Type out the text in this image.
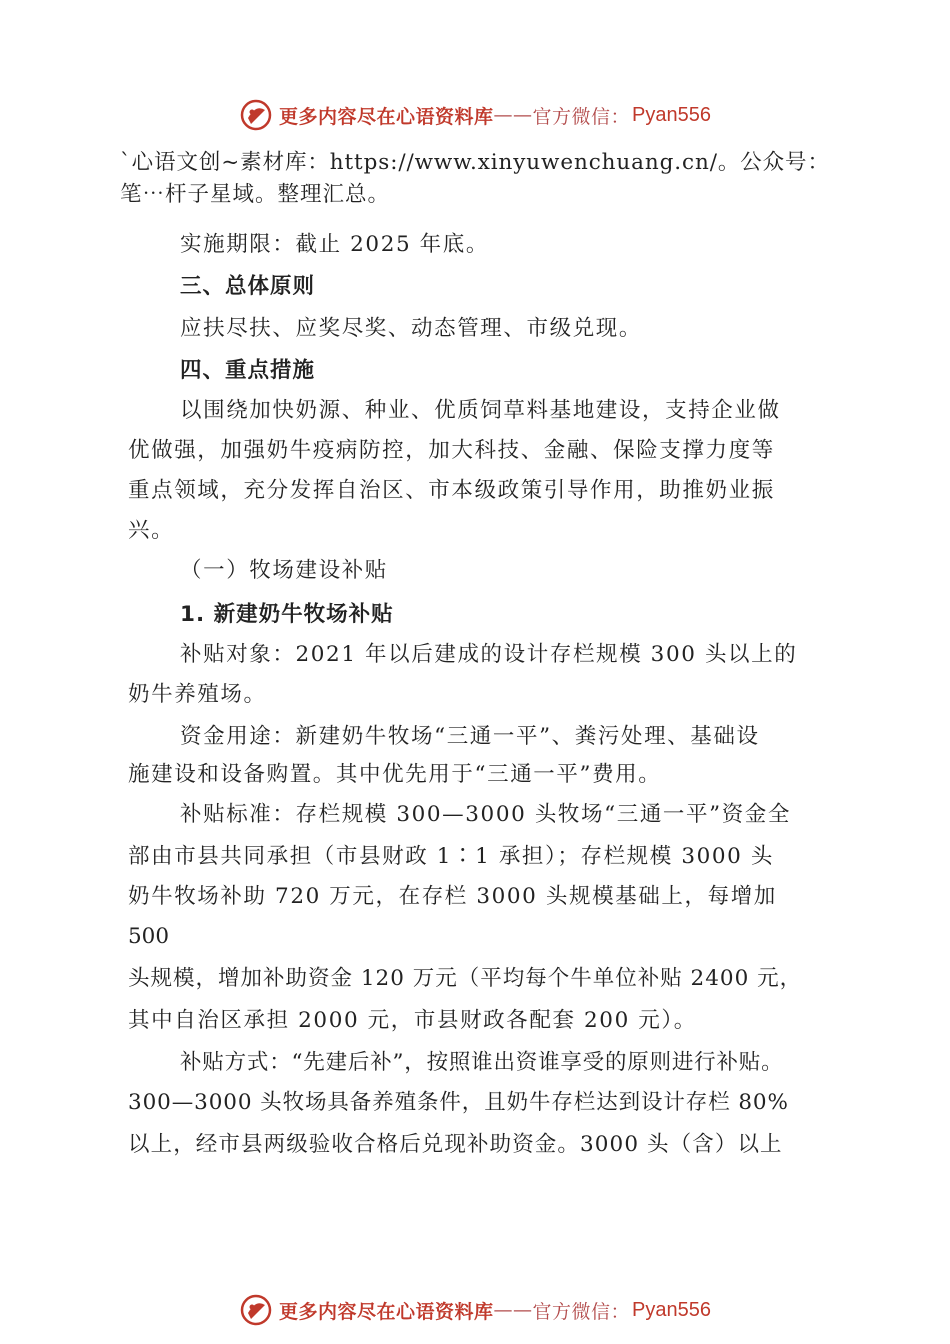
更多内容尽在心语资料库 —— 官方微信： Pyan556
`心语文创~素材库：https://www.xinyuwenchuang.cn/。公众号：
笔⋯杆子星域。整理汇总。
实施期限：截止 2025 年底。
三、总体原则
应扶尽扶、应奖尽奖、动态管理、市级兑现。
四、重点措施
以围绕加快奶源、种业、优质饲草料基地建设，支持企业做
优做强，加强奶牛疫病防控，加大科技、金融、保险支撑力度等
重点领域，充分发挥自治区、市本级政策引导作用，助推奶业振
兴。
（一）牧场建设补贴
1. 新建奶牛牧场补贴
补贴对象：2021 年以后建成的设计存栏规模 300 头以上的
奶牛养殖场。
资金用途：新建奶牛牧场“三通一平”、粪污处理、基础设
施建设和设备购置。其中优先用于“三通一平”费用。
补贴标准：存栏规模 300—3000 头牧场“三通一平”资金全
部由市县共同承担（市县财政 1∶1 承担）；存栏规模 3000 头
奶牛牧场补助 720 万元，在存栏 3000 头规模基础上，每增加
500
头规模，增加补助资金 120 万元（平均每个牛单位补贴 2400 元，
其中自治区承担 2000 元，市县财政各配套 200 元）。
补贴方式：“先建后补”，按照谁出资谁享受的原则进行补贴。
300—3000 头牧场具备养殖条件，且奶牛存栏达到设计存栏 80%
以上，经市县两级验收合格后兑现补助资金。3000 头（含）以上
更多内容尽在心语资料库 —— 官方微信： Pyan556
